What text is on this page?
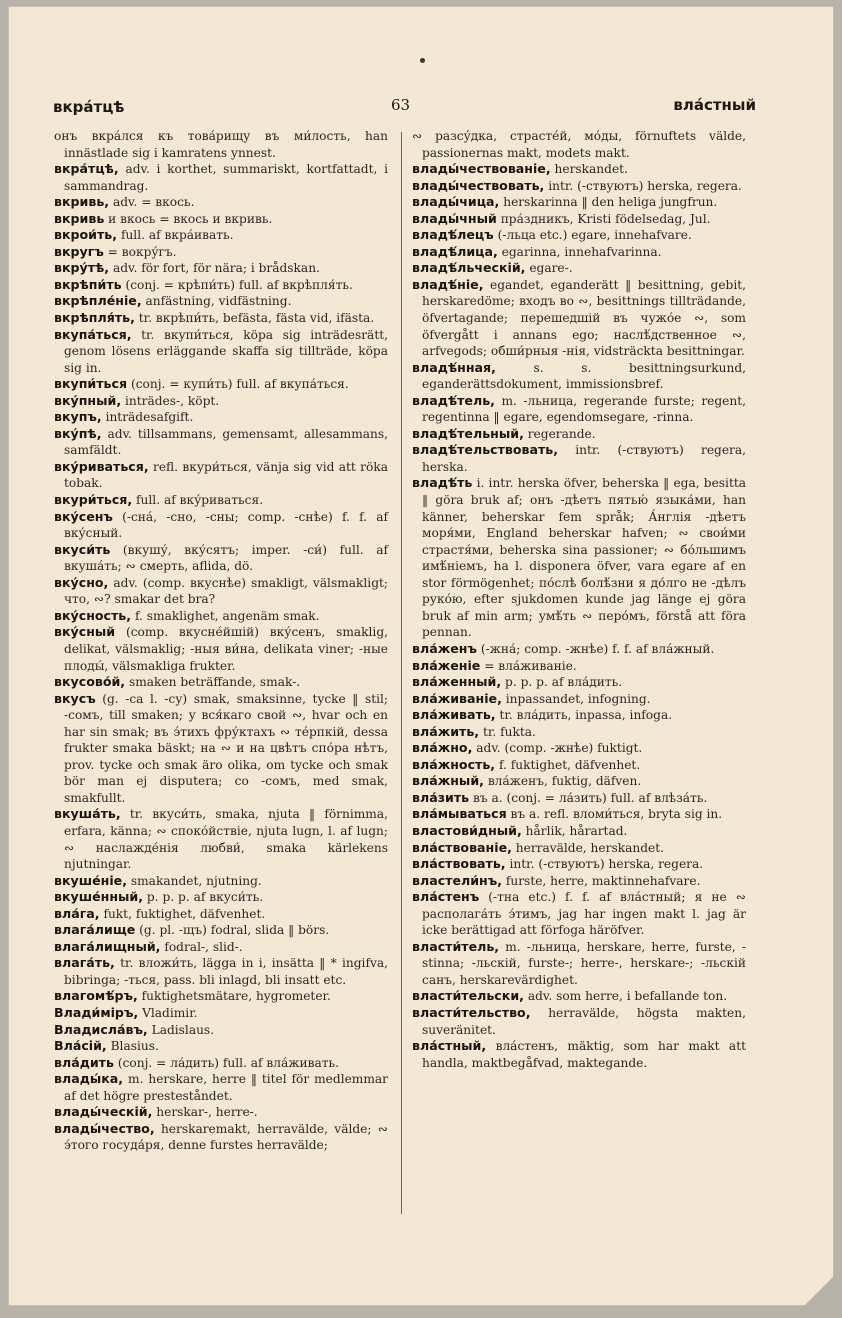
вкра́тцѣ	63	вла́стный

онъ вкра́лся къ това́рищу въ ми́лость, han innästlade sig i kamratens ynnest.

вкра́тцѣ, adv. i korthet, summariskt, kortfattadt, i sammandrag.

вкривь, adv. = вкось.

вкривь и вкось = вкось и вкривь.

вкрои́ть, full. af вкра́ивать.

вкругъ = вокру́гъ.

вкру́тѣ, adv. för fort, för nära; i brådskan.

вкрѣпи́ть (conj. = крѣпи́ть) full. af вкрѣпля́ть.

вкрѣпле́ніе, anfästning, vidfästning.

вкрѣпля́ть, tr. вкрѣпи́ть, befästa, fästa vid, ifästa.

вкупа́ться, tr. вкупи́ться, köpa sig inträdesrätt, genom lösens erläggande skaffa sig tillträde, köpa sig in.

вкупи́ться (conj. = купи́ть) full. af вкупа́ться.

вку́пный, inträdes-, köpt.

вкупъ, inträdesafgift.

вку́пѣ, adv. tillsammans, gemensamt, allesammans, samfäldt.

вку́риваться, refl. вкури́ться, vänja sig vid att röka tobak.

вкури́ться, full. af вку́риваться.

вку́сенъ (-сна́, -сно, -сны; comp. -снѣе) f. f. af вку́сный.

вкуси́ть (вкушу́, вку́сятъ; imper. -си́) full. af вкуша́ть; ∾ смерть, aflida, dö.

вку́сно, adv. (comp. вкуснѣе) smakligt, välsmakligt; что, ∾? smakar det bra?

вку́сность, f. smaklighet, angenäm smak.

вку́сный (comp. вкусне́йшій) вку́сенъ, smaklig, delikat, välsmaklig; -ныя ви́на, delikata viner; -ные плоды́, välsmakliga frukter.

вкусово́й, smaken beträffande, smak-.

вкусъ (g. -са l. -су) smak, smaksinne, tycke ‖ stil; -сомъ, till smaken; у вся́каго свой ∾, hvar och en har sin smak; въ э́тихъ фру́ктахъ ∾ те́рпкій, dessa frukter smaka bäskt; на ∾ и на цвѣтъ спо́ра нѣтъ, prov. tycke och smak äro olika, om tycke och smak bör man ej disputera; со -сомъ, med smak, smakfullt.

вкуша́ть, tr. вкуси́ть, smaka, njuta ‖ förnimma, erfara, känna; ∾ споко́йствіе, njuta lugn, l. af lugn; ∾ наслажде́нія любви́, smaka kärlekens njutningar.

вкуше́ніе, smakandet, njutning.

вкуше́нный, p. p. p. af вкуси́ть.

вла́га, fukt, fuktighet, däfvenhet.

влага́лище (g. pl. -щъ) fodral, slida ‖ börs.

влага́лищный, fodral-, slid-.

влага́ть, tr. вложи́ть, lägga in i, insätta ‖ * ingifva, bibringa; -ться, pass. bli inlagd, bli insatt etc.

влагомѣ́ръ, fuktighetsmätare, hygrometer.

Влади́міръ, Vladimir.

Владисла́въ, Ladislaus.

Вла́сій, Blasius.

вла́дить (conj. = ла́дить) full. af вла́живать.

влады́ка, m. herskare, herre ‖ titel för medlemmar af det högre presteståndet.

влады́ческій, herskar-, herre-.

влады́чество, herskaremakt, herravälde, välde; ∾ э́того госуда́ря, denne furstes herravälde;

∾ разсу́дка, страсте́й, мо́ды, förnuftets välde, passionernas makt, modets makt.

влады́чествованіе, herskandet.

влады́чествовать, intr. (-ствуютъ) herska, regera.

влады́чица, herskarinna ‖ den heliga jungfrun.

влады́чный пра́здникъ, Kristi födelsedag, Jul.

владѣ́лецъ (-льца etc.) egare, innehafvare.

владѣ́лица, egarinna, innehafvarinna.

владѣ́льческій, egare-.

владѣ́ніе, egandet, eganderätt ‖ besittning, gebit, herskaredöme; входъ во ∾, besittnings tillträdande, öfvertagande; перешедшій въ чужо́е ∾, som öfvergått i annans ego; наслѣ́дственное ∾, arfvegods; обши́рныя -нія, vidsträckta besittningar.

владѣ́нная,	s. s. besittningsurkund, eganderättsdokument, immissionsbref.

владѣ́тель, m. -льница, regerande furste; regent, regentinna ‖ egare, egendomsegare, -rinna.

владѣ́тельный, regerande.

владѣ́тельствовать, intr. (-ствуютъ) regera, herska.

владѣ́ть i. intr. herska öfver, beherska ‖ ega, besitta ‖ göra bruk af; онъ -дѣетъ пятью́ языка́ми, han känner, beherskar fem språk; А́нглія -дѣетъ моря́ми, England beherskar hafven; ∾ свои́ми страстя́ми, beherska sina passioner; ∾ бо́льшимъ имѣ́ніемъ, ha l. disponera öfver, vara egare af en stor förmögenhet; по́слѣ болѣ́зни я до́лго не -дѣлъ руко́ю, efter sjukdomen kunde jag länge ej göra bruk af min arm; умѣ́ть ∾ перо́мъ, förstå att föra pennan.

вла́женъ (-жна́; comp. -жнѣе) f. f. af вла́жный.

вла́женіе = вла́живаніе.

вла́женный, p. p. p. af вла́дить.

вла́живаніе, inpassandet, infogning.

вла́живать, tr. вла́дить, inpassa, infoga.

вла́жить, tr. fukta.

вла́жно, adv. (comp. -жнѣе) fuktigt.

вла́жность, f. fuktighet, däfvenhet.

вла́жный, вла́женъ, fuktig, däfven.

вла́зить въ a. (conj. = ла́зить) full. af влѣза́ть.

вла́мываться въ a. refl. вломи́ться, bryta sig in.

властови́дный, hårlik, hårartad.

вла́ствованіе, herravälde, herskandet.

вла́ствовать, intr. (-ствуютъ) herska, regera.

властели́нъ, furste, herre, maktinnehafvare.

вла́стенъ (-тна etc.) f. f. af вла́стный; я не ∾ располага́ть э́тимъ, jag har ingen makt l. jag är icke berättigad att förfoga häröfver.

власти́тель, m. -льница, herskare, herre, furste, -stinna; -льскій, furste-; herre-, herskare-; -льскій санъ, herskarevärdighet.

власти́тельски, adv. som herre, i befallande ton.

власти́тельство, herravälde, högsta makten, suveränitet.

вла́стный, вла́стенъ, mäktig, som har makt att handla, maktbegåfvad, maktegande.
